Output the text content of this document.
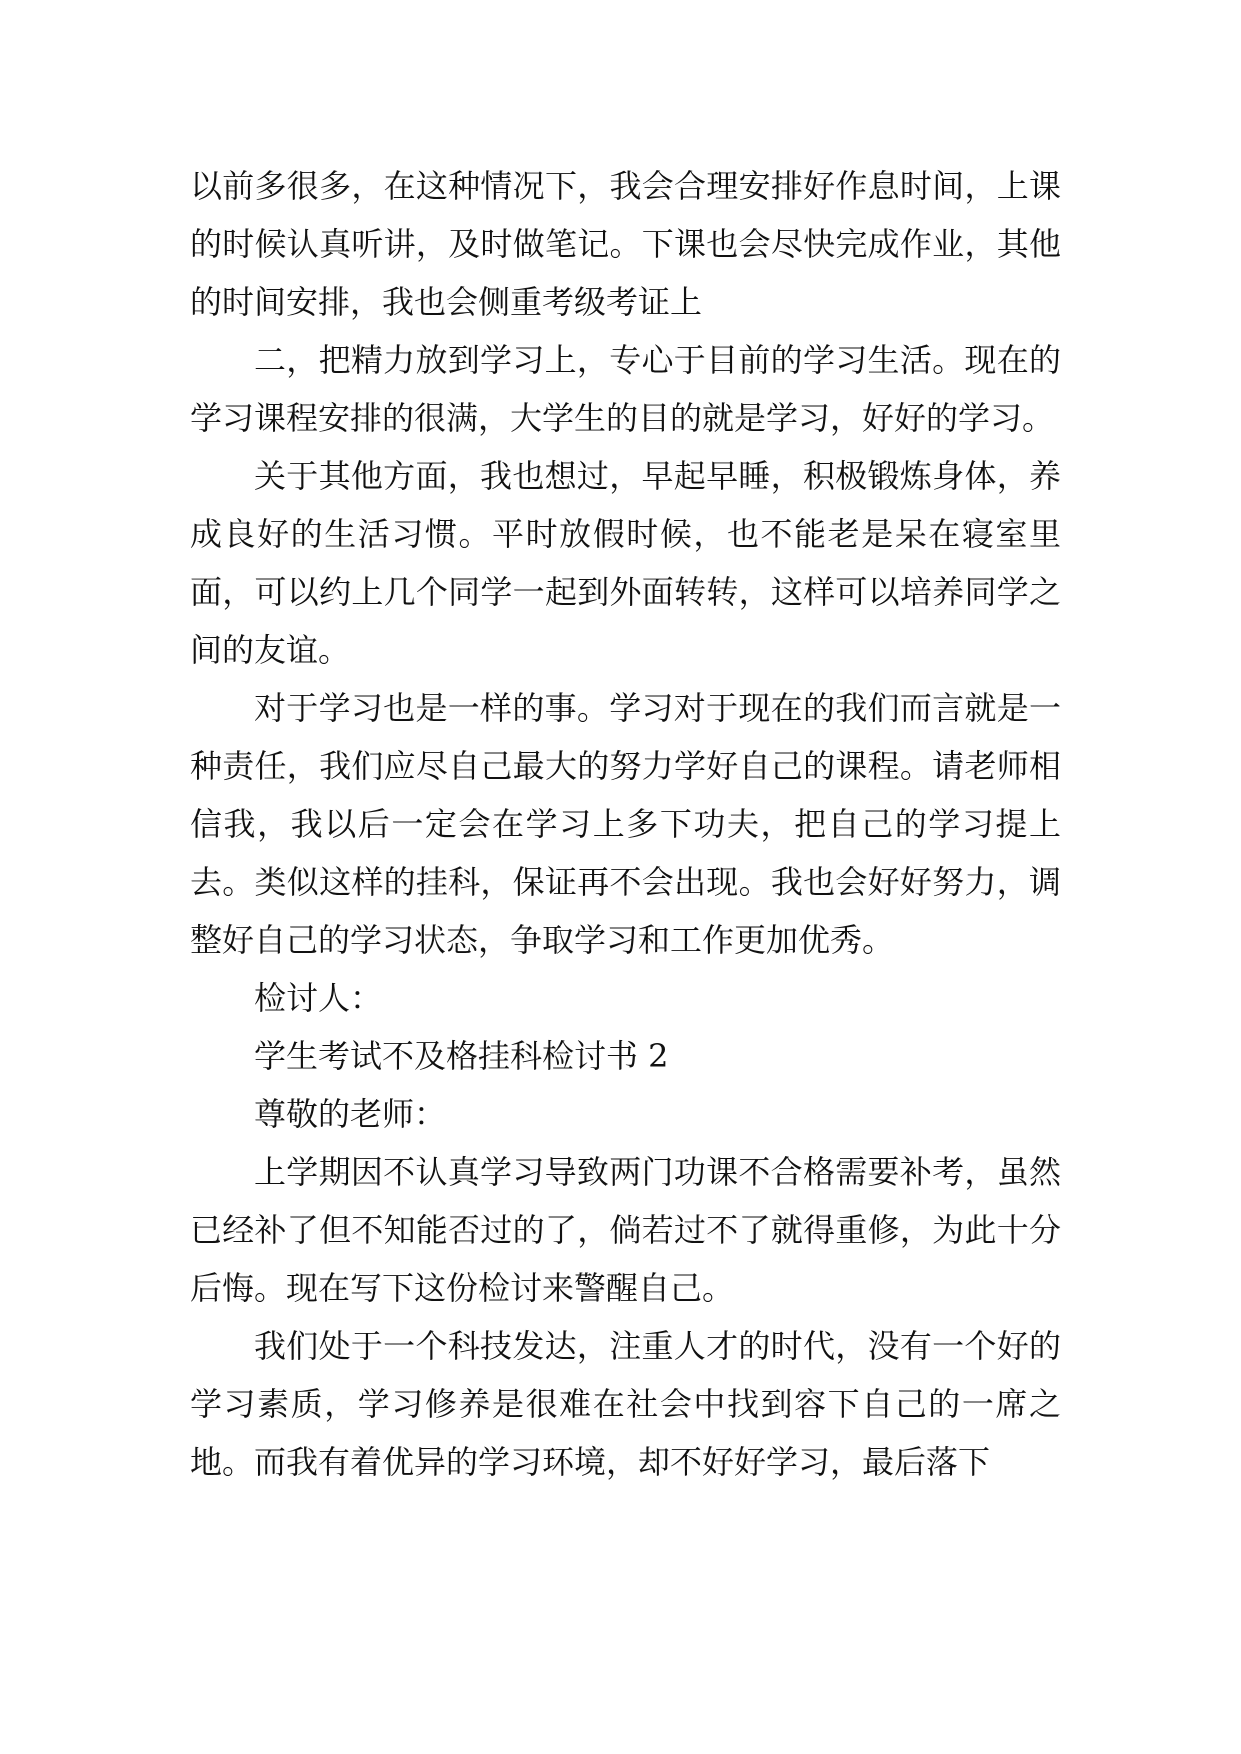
以前多很多，在这种情况下，我会合理安排好作息时间，上课的时候认真听讲，及时做笔记。下课也会尽快完成作业，其他的时间安排，我也会侧重考级考证上

二，把精力放到学习上，专心于目前的学习生活。现在的学习课程安排的很满，大学生的目的就是学习，好好的学习。

关于其他方面，我也想过，早起早睡，积极锻炼身体，养成良好的生活习惯。平时放假时候，也不能老是呆在寝室里面，可以约上几个同学一起到外面转转，这样可以培养同学之间的友谊。

对于学习也是一样的事。学习对于现在的我们而言就是一种责任，我们应尽自己最大的努力学好自己的课程。请老师相信我，我以后一定会在学习上多下功夫，把自己的学习提上去。类似这样的挂科，保证再不会出现。我也会好好努力，调整好自己的学习状态，争取学习和工作更加优秀。

检讨人：

学生考试不及格挂科检讨书 2

尊敬的老师：

上学期因不认真学习导致两门功课不合格需要补考，虽然已经补了但不知能否过的了，倘若过不了就得重修，为此十分后悔。现在写下这份检讨来警醒自己。

我们处于一个科技发达，注重人才的时代，没有一个好的学习素质，学习修养是很难在社会中找到容下自己的一席之地。而我有着优异的学习环境，却不好好学习，最后落下
